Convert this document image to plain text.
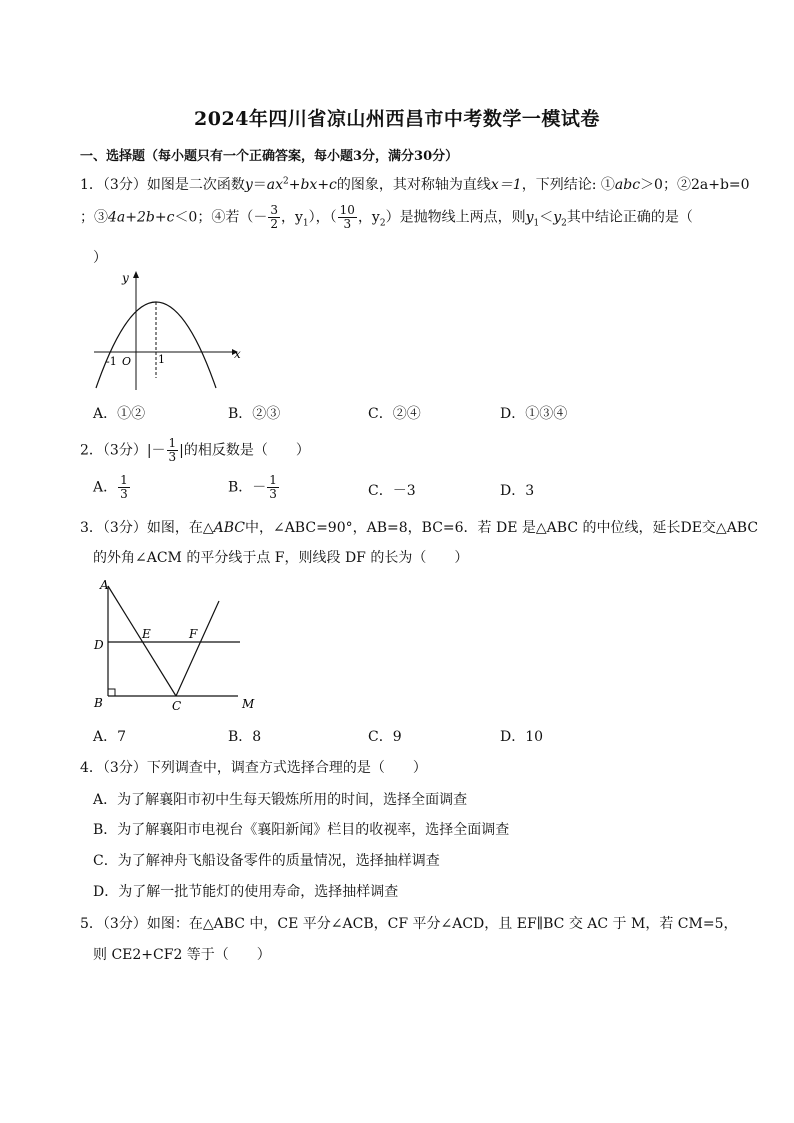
2024年四川省凉山州西昌市中考数学一模试卷
一、选择题（每小题只有一个正确答案，每小题3分，满分30分）
1．（3分）如图是二次函数$y=ax^2+bx+c$的图象，其对称轴为直线x＝1，下列结论: ①abc＞0；②2a+b=0
；③4a+2b+c＜0；④若（－ $\frac{3}{2}$ ，$y_1$），（ $\frac{10}{3}$ ，$y_2$）是抛物线上两点，则$y_1<y_2$其中结论正确的是（
）
y
x
O
-1	1
A．①②	B．②③	C．②④	D．①③④
2．（3分）|－ $\frac{1}{3}$ |的相反数是（　　）
A． $\frac{1}{3}$	B．－ $\frac{1}{3}$	C．－3	D．3
3．（3分）如图，在△ABC中，∠ABC=90°，AB=8，BC=6．若 DE 是△ABC 的中位线，延长DE交△ABC
的外角∠ACM 的平分线于点 F，则线段 DF 的长为（　　）
A
D
B
E	F
C	M
A．7	B．8	C．9	D．10
4．（3分）下列调查中，调查方式选择合理的是（　　）
A．为了解襄阳市初中生每天锻炼所用的时间，选择全面调查
B．为了解襄阳市电视台《襄阳新闻》栏目的收视率，选择全面调查
C．为了解神舟飞船设备零件的质量情况，选择抽样调查
D．为了解一批节能灯的使用寿命，选择抽样调查
5．（3分）如图：在△ABC 中，CE 平分∠ACB，CF 平分∠ACD，且 EF∥BC 交 AC 于 M，若 CM=5，
则 CE2+CF2 等于（　　）
